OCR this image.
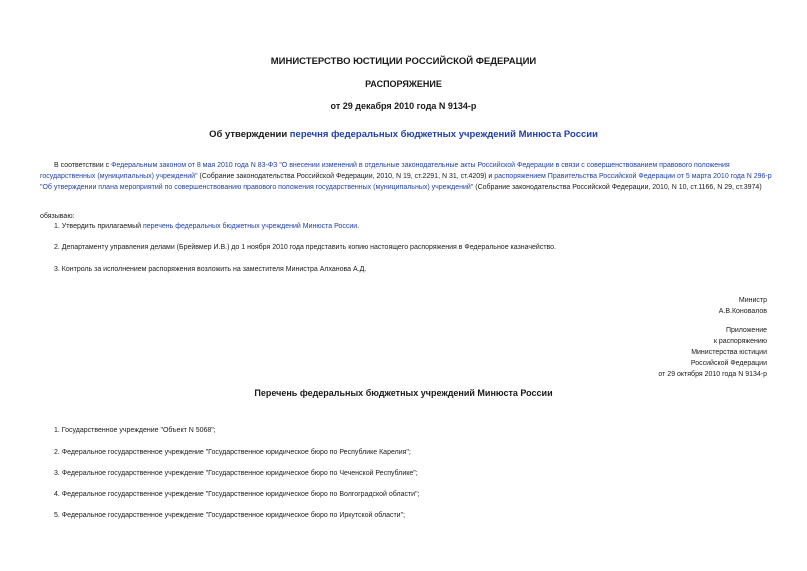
МИНИСТЕРСТВО ЮСТИЦИИ РОССИЙСКОЙ ФЕДЕРАЦИИ
РАСПОРЯЖЕНИЕ
от 29 декабря 2010 года N 9134-р
Об утверждении перечня федеральных бюджетных учреждений Минюста России
В соответствии с Федеральным законом от 8 мая 2010 года N 83-ФЗ "О внесении изменений в отдельные законодательные акты Российской Федерации в связи с совершенствованием правового положения государственных (муниципальных) учреждений" (Собрание законодательства Российской Федерации, 2010, N 19, ст.2291, N 31, ст.4209) и распоряжением Правительства Российской Федерации от 5 марта 2010 года N 296-р "Об утверждении плана мероприятий по совершенствованию правового положения государственных (муниципальных) учреждений" (Собрание законодательства Российской Федерации, 2010, N 10, ст.1166, N 29, ст.3974)
обязываю:
1. Утвердить прилагаемый перечень федеральных бюджетных учреждений Минюста России.
2. Департаменту управления делами (Брейвмер И.В.) до 1 ноября 2010 года представить копию настоящего распоряжения в Федеральное казначейство.
3. Контроль за исполнением распоряжения возложить на заместителя Министра Алханова А.Д.
Министр
А.В.Коновалов
Приложение
к распоряжению
Министерства юстиции
Российской Федерации
от 29 октября 2010 года N 9134-р
Перечень федеральных бюджетных учреждений Минюста России
1. Государственное учреждение "Объект N 5068";
2. Федеральное государственное учреждение "Государственное юридическое бюро по Республике Карелия";
3. Федеральное государственное учреждение "Государственное юридическое бюро по Чеченской Республике";
4. Федеральное государственное учреждение "Государственное юридическое бюро по Волгоградской области";
5. Федеральное государственное учреждение "Государственное юридическое бюро по Иркутской области";
